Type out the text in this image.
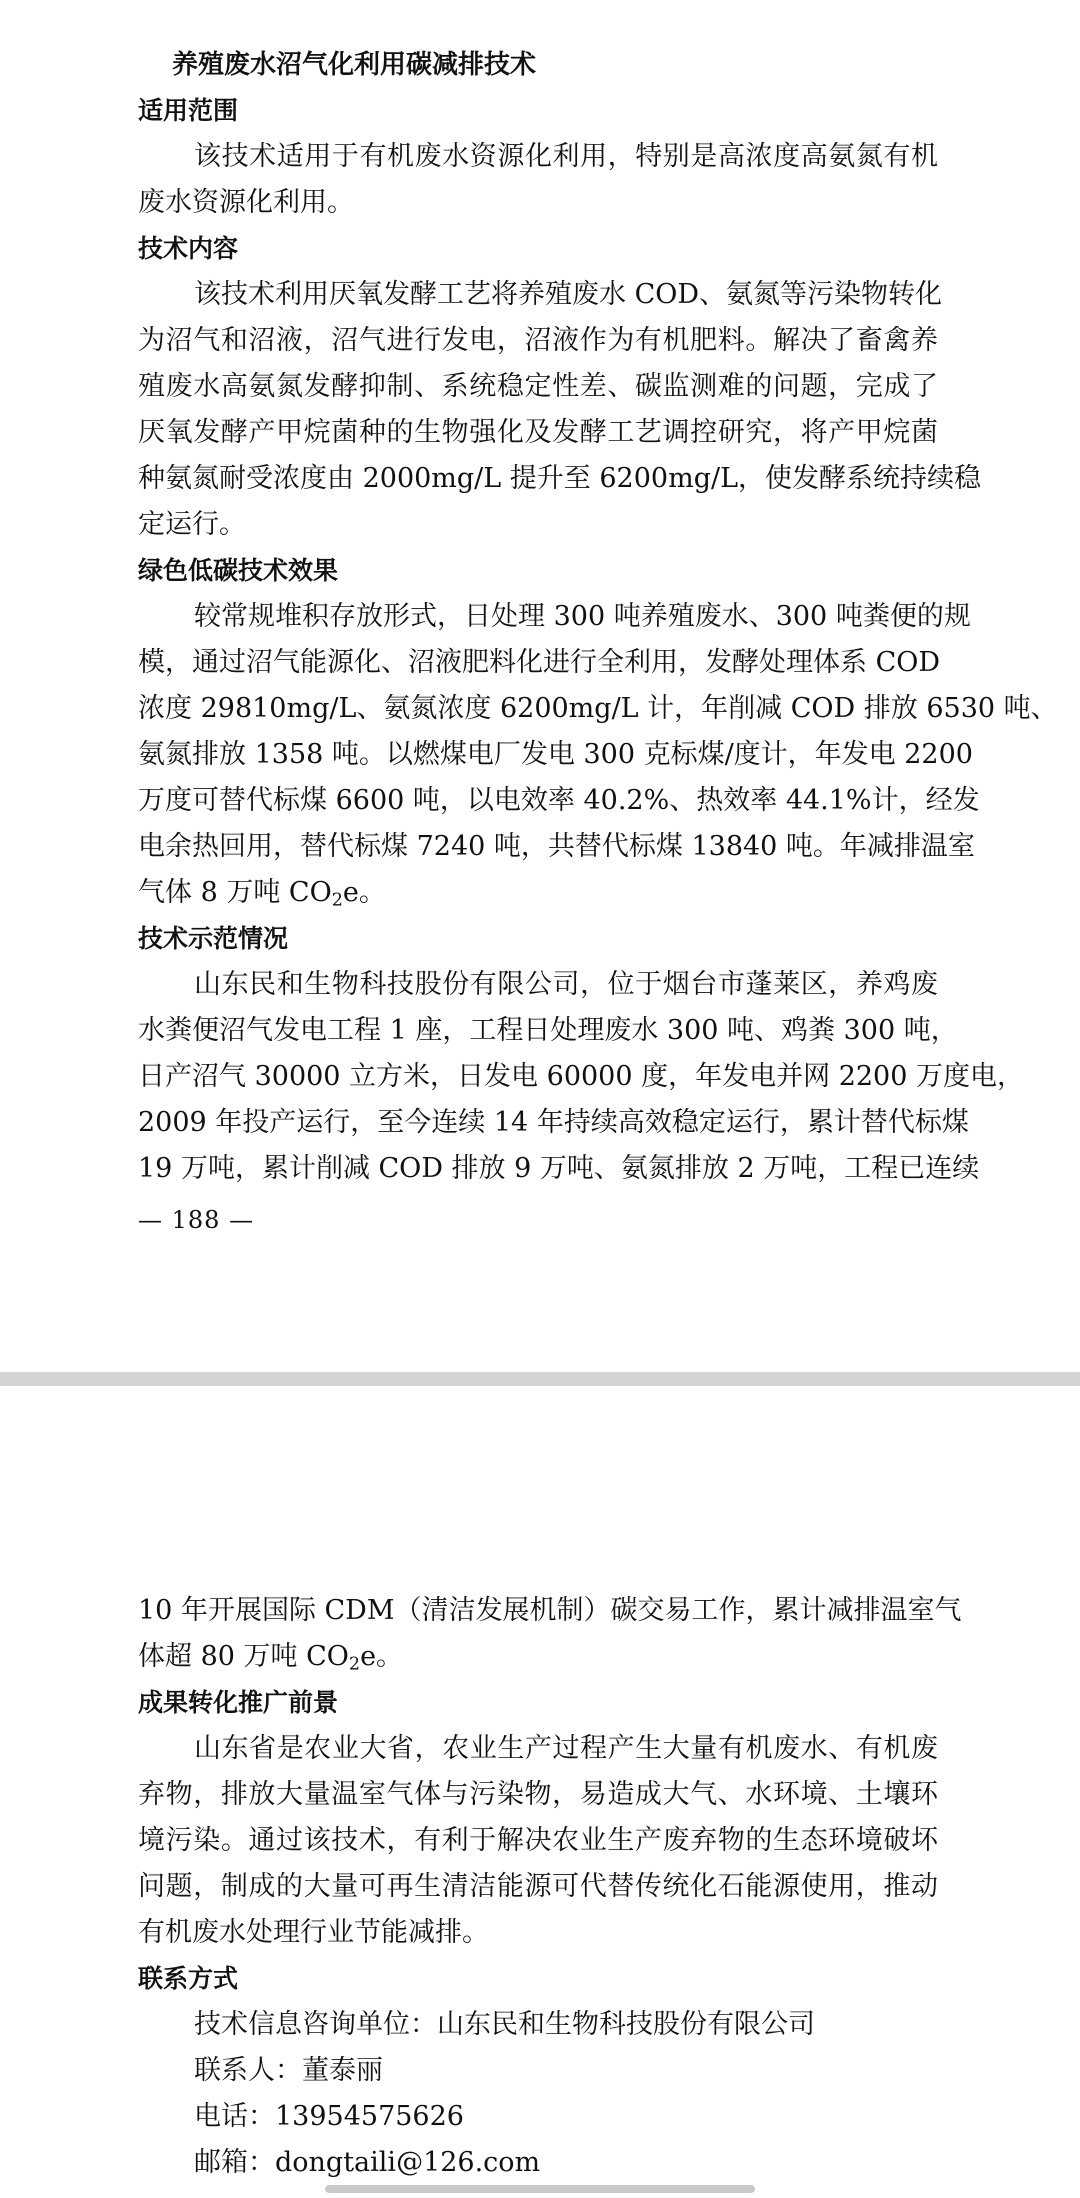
养殖废水沼气化利用碳减排技术
适用范围
该技术适用于有机废水资源化利用，特别是高浓度高氨氮有机
废水资源化利用。
技术内容
该技术利用厌氧发酵工艺将养殖废水 COD、氨氮等污染物转化
为沼气和沼液，沼气进行发电，沼液作为有机肥料。解决了畜禽养
殖废水高氨氮发酵抑制、系统稳定性差、碳监测难的问题，完成了
厌氧发酵产甲烷菌种的生物强化及发酵工艺调控研究，将产甲烷菌
种氨氮耐受浓度由 2000mg/L 提升至 6200mg/L，使发酵系统持续稳
定运行。
绿色低碳技术效果
较常规堆积存放形式，日处理 300 吨养殖废水、300 吨粪便的规
模，通过沼气能源化、沼液肥料化进行全利用，发酵处理体系 COD
浓度 29810mg/L、氨氮浓度 6200mg/L 计，年削减 COD 排放 6530 吨、
氨氮排放 1358 吨。以燃煤电厂发电 300 克标煤/度计，年发电 2200
万度可替代标煤 6600 吨，以电效率 40.2%、热效率 44.1%计，经发
电余热回用，替代标煤 7240 吨，共替代标煤 13840 吨。年减排温室
气体 8 万吨 $CO_2e$。
技术示范情况
山东民和生物科技股份有限公司，位于烟台市蓬莱区，养鸡废
水粪便沼气发电工程 1 座，工程日处理废水 300 吨、鸡粪 300 吨，
日产沼气 30000 立方米，日发电 60000 度，年发电并网 2200 万度电，
2009 年投产运行，至今连续 14 年持续高效稳定运行，累计替代标煤
19 万吨，累计削减 COD 排放 9 万吨、氨氮排放 2 万吨，工程已连续
— 188 —
10 年开展国际 CDM（清洁发展机制）碳交易工作，累计减排温室气
体超 80 万吨 $CO_2e$。
成果转化推广前景
山东省是农业大省，农业生产过程产生大量有机废水、有机废
弃物，排放大量温室气体与污染物，易造成大气、水环境、土壤环
境污染。通过该技术，有利于解决农业生产废弃物的生态环境破坏
问题，制成的大量可再生清洁能源可代替传统化石能源使用，推动
有机废水处理行业节能减排。
联系方式
技术信息咨询单位：山东民和生物科技股份有限公司
联系人：董泰丽
电话：13954575626
邮箱：dongtaili@126.com
